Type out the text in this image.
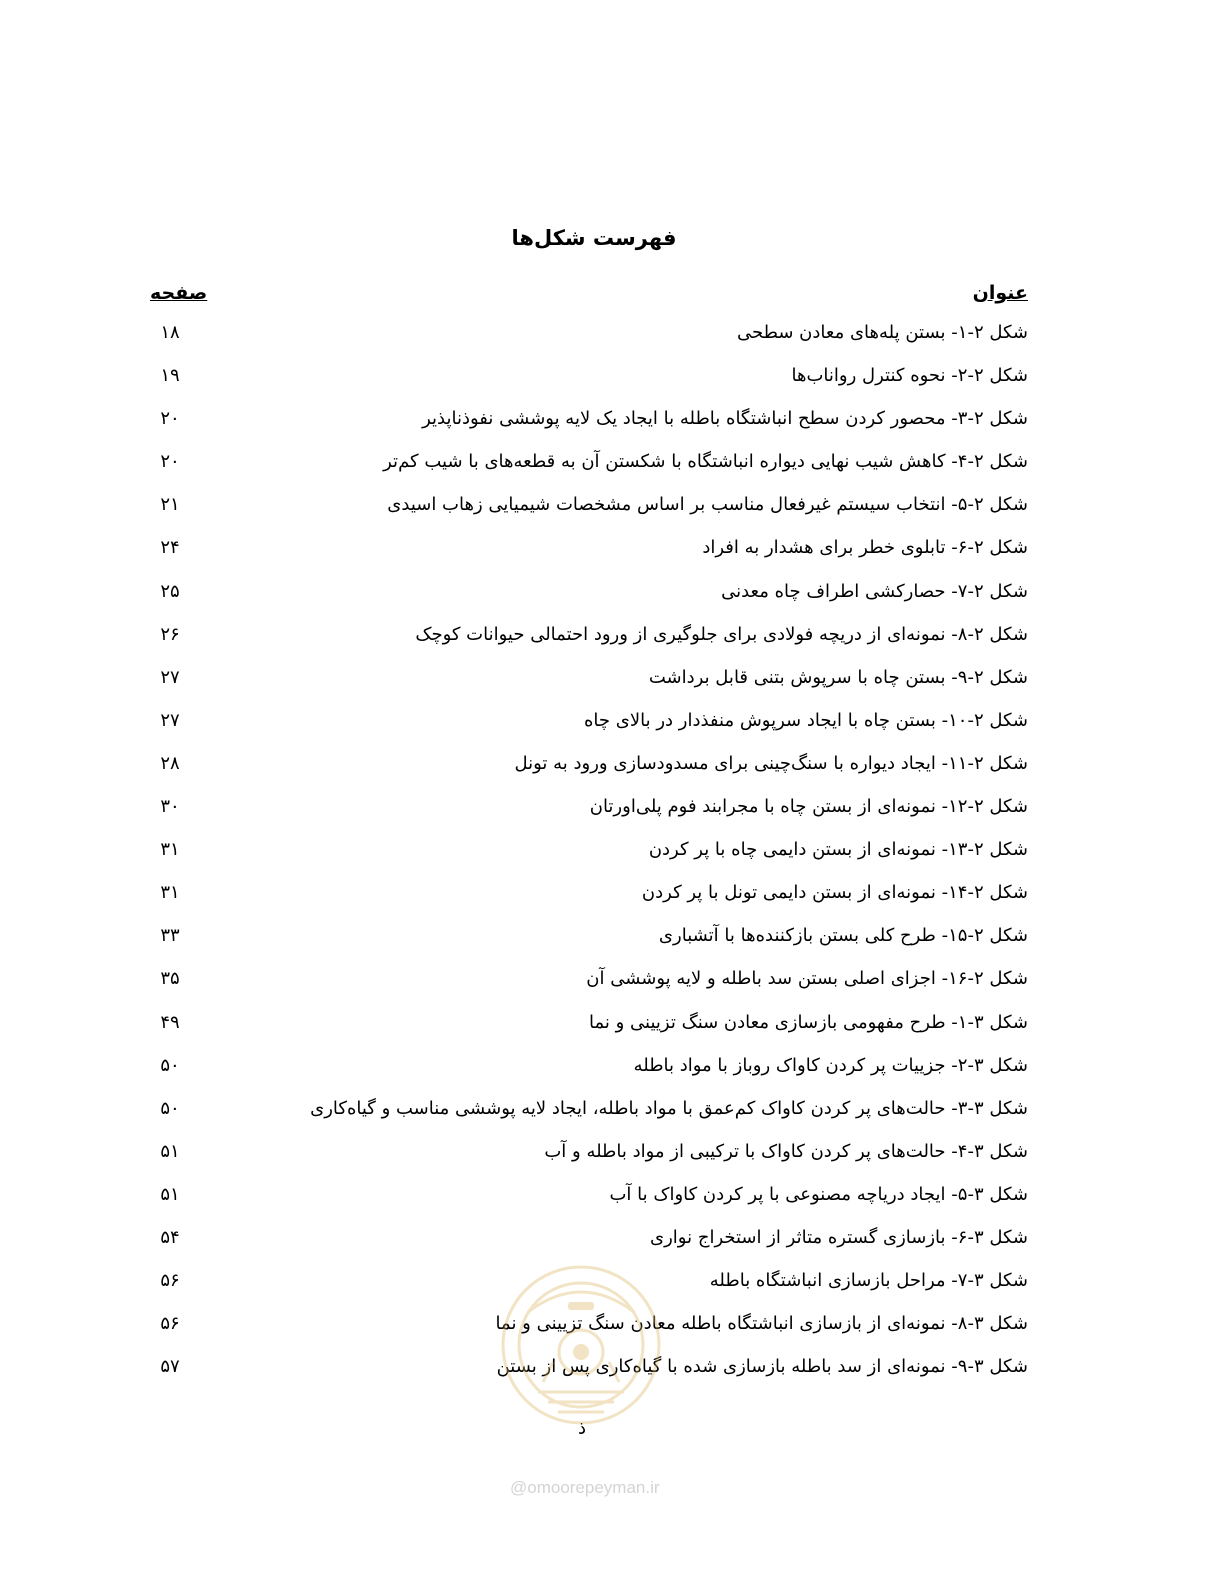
فهرست شکل‌ها
عنوان
صفحه
شکل ۲-۱- بستن پله‌های معادن سطحی
۱۸
شکل ۲-۲- نحوه کنترل رواناب‌ها
۱۹
شکل ۲-۳- محصور کردن سطح انباشتگاه باطله با ایجاد یک لایه پوششی نفوذناپذیر
۲۰
شکل ۲-۴- کاهش شیب نهایی دیواره انباشتگاه با شکستن آن به قطعه‌های با شیب کم‌تر
۲۰
شکل ۲-۵- انتخاب سیستم غیرفعال مناسب بر اساس مشخصات شیمیایی زهاب اسیدی
۲۱
شکل ۲-۶- تابلوی خطر برای هشدار به افراد
۲۴
شکل ۲-۷- حصارکشی اطراف چاه معدنی
۲۵
شکل ۲-۸- نمونه‌ای از دریچه فولادی برای جلوگیری از ورود احتمالی حیوانات کوچک
۲۶
شکل ۲-۹- بستن چاه با سرپوش بتنی قابل برداشت
۲۷
شکل ۲-۱۰- بستن چاه با ایجاد سرپوش منفذدار در بالای چاه
۲۷
شکل ۲-۱۱- ایجاد دیواره با سنگ‌چینی برای مسدودسازی ورود به تونل
۲۸
شکل ۲-۱۲- نمونه‌ای از بستن چاه با مجرابند فوم پلی‌اورتان
۳۰
شکل ۲-۱۳- نمونه‌ای از بستن دایمی چاه با پر کردن
۳۱
شکل ۲-۱۴- نمونه‌ای از بستن دایمی تونل با پر کردن
۳۱
شکل ۲-۱۵- طرح کلی بستن بازکننده‌ها با آتشباری
۳۳
شکل ۲-۱۶- اجزای اصلی بستن سد باطله و لایه پوششی آن
۳۵
شکل ۳-۱- طرح مفهومی بازسازی معادن سنگ تزیینی و نما
۴۹
شکل ۳-۲- جزییات پر کردن کاواک روباز با مواد باطله
۵۰
شکل ۳-۳- حالت‌های پر کردن کاواک کم‌عمق با مواد باطله، ایجاد لایه پوششی مناسب و گیاه‌کاری
۵۰
شکل ۳-۴- حالت‌های پر کردن کاواک با ترکیبی از مواد باطله و آب
۵۱
شکل ۳-۵- ایجاد دریاچه مصنوعی با پر کردن کاواک با آب
۵۱
شکل ۳-۶- بازسازی گستره متاثر از استخراج نواری
۵۴
شکل ۳-۷- مراحل بازسازی انباشتگاه باطله
۵۶
شکل ۳-۸- نمونه‌ای از بازسازی انباشتگاه باطله معادن سنگ تزیینی و نما
۵۶
شکل ۳-۹- نمونه‌ای از سد باطله بازسازی شده با گیاه‌کاری پس از بستن
۵۷
ذ
@omoorepeyman.ir
